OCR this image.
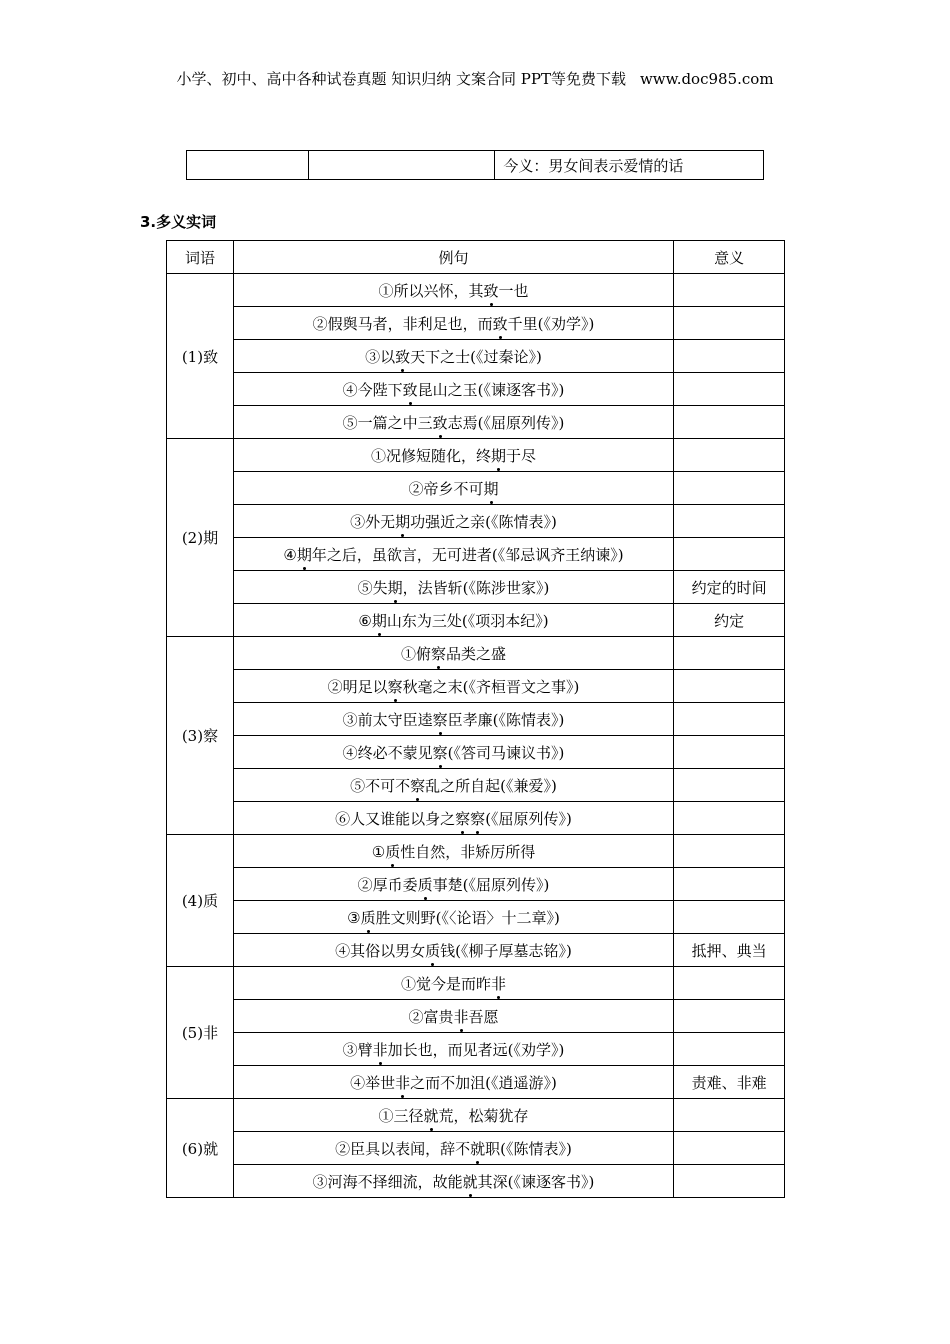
小学、初中、高中各种试卷真题 知识归纳 文案合同 PPT等免费下载 www.doc985.com
		今义：男女间表示爱情的话
3.多义实词
词语	例句	意义
(1)致	①所以兴怀，其致一也	
	②假舆马者，非利足也，而致千里(《劝学》)	
	③以致天下之士(《过秦论》)	
	④今陛下致昆山之玉(《谏逐客书》)	
	⑤一篇之中三致志焉(《屈原列传》)	
(2)期	①况修短随化，终期于尽	
	②帝乡不可期	
	③外无期功强近之亲(《陈情表》)	
	④期年之后，虽欲言，无可进者(《邹忌讽齐王纳谏》)	
	⑤失期，法皆斩(《陈涉世家》)	约定的时间
	⑥期山东为三处(《项羽本纪》)	约定
(3)察	①俯察品类之盛	
	②明足以察秋毫之末(《齐桓晋文之事》)	
	③前太守臣逵察臣孝廉(《陈情表》)	
	④终必不蒙见察(《答司马谏议书》)	
	⑤不可不察乱之所自起(《兼爱》)	
	⑥人又谁能以身之察察(《屈原列传》)	
(4)质	①质性自然，非矫厉所得	
	②厚币委质事楚(《屈原列传》)	
	③质胜文则野(《〈论语〉十二章》)	
	④其俗以男女质钱(《柳子厚墓志铭》)	抵押、典当
(5)非	①觉今是而昨非	
	②富贵非吾愿	
	③臂非加长也，而见者远(《劝学》)	
	④举世非之而不加沮(《逍遥游》)	责难、非难
(6)就	①三径就荒，松菊犹存	
	②臣具以表闻，辞不就职(《陈情表》)	
	③河海不择细流，故能就其深(《谏逐客书》)	
